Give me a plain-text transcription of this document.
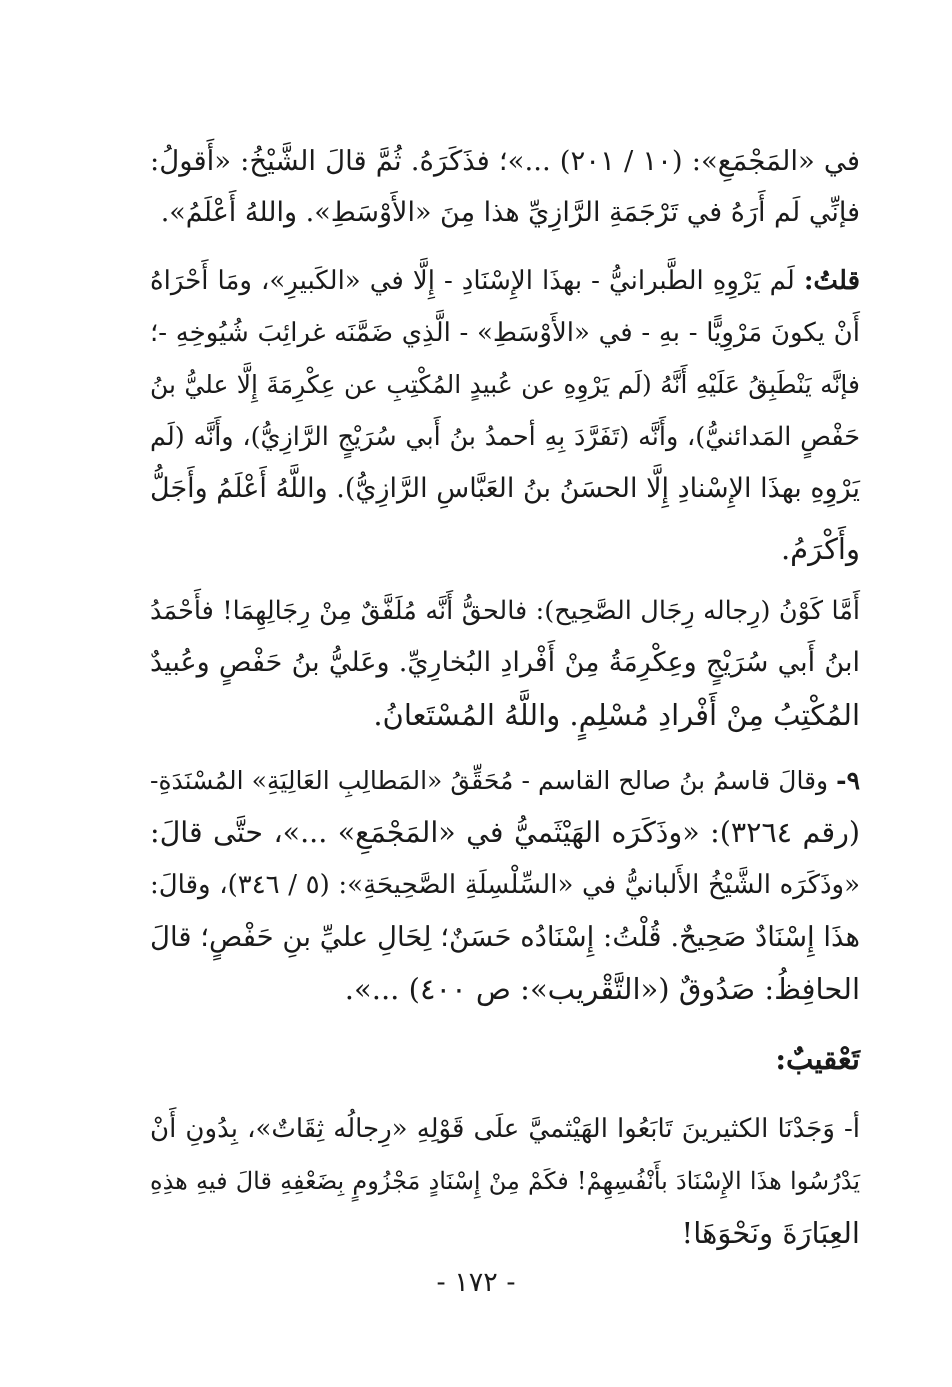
في «المَجْمَعِ»: (١٠ / ٢٠١) ...»؛ فذَكَرَهُ. ثُمَّ قالَ الشَّيْخُ: «أَقولُ:
فإنِّي لَم أَرَهُ في تَرْجَمَةِ الرَّازِيِّ هذا مِنَ «الأَوْسَطِ». واللهُ أَعْلَمُ».
قلتُ: لَم يَرْوِهِ الطَّبرانيُّ - بهذَا الإِسْنَادِ - إِلَّا في «الكَبيرِ»، ومَا أَحْرَاهُ
أَنْ يكونَ مَرْوِيًّا - بهِ - في «الأَوْسَطِ» - الَّذِي ضَمَّنَه غرائِبَ شُيُوخِهِ -؛
فإنَّه يَنْطَبِقُ عَلَيْهِ أَنَّهُ (لَم يَرْوِهِ عن عُبيدٍ المُكْتِبِ عن عِكْرِمَةَ إِلَّا عليُّ بنُ
حَفْصٍ المَدائنيُّ)، وأَنَّه (تَفَرَّدَ بِهِ أحمدُ بنُ أَبي سُرَيْجٍ الرَّازِيُّ)، وأَنَّه (لَم
يَرْوِهِ بهذَا الإِسْنادِ إِلَّا الحسَنُ بنُ العَبَّاسِ الرَّازِيُّ). واللَّهُ أَعْلَمُ وأَجَلُّ
وأَكْرَمُ.
أَمَّا كَوْنُ (رِجاله رِجَال الصَّحِيح): فالحقُّ أَنَّه مُلَفَّقٌ مِنْ رِجَالِهِمَا! فأَحْمَدُ
ابنُ أَبي سُرَيْجٍ وعِكْرِمَةُ مِنْ أَفْرادِ البُخارِيِّ. وعَليُّ بنُ حَفْصٍ وعُبيدٌ
المُكْتِبُ مِنْ أَفْرادِ مُسْلِمٍ. واللَّهُ المُسْتَعانُ.
٩- وقالَ قاسمُ بنُ صالح القاسم - مُحَقِّقُ «المَطالِبِ العَالِيَةِ» المُسْنَدَةِ-
(رقم ٣٢٦٤): «وذَكَرَه الهَيْثَميُّ في «المَجْمَعِ» ...»، حتَّى قالَ:
«وذَكَرَه الشَّيْخُ الأَلبانيُّ في «السِّلْسِلَةِ الصَّحِيحَةِ»: (٥ / ٣٤٦)، وقالَ:
هذَا إِسْنَادٌ صَحِيحٌ. قُلْتُ: إِسْنَادُه حَسَنٌ؛ لِحَالِ عليِّ بنِ حَفْصٍ؛ قالَ
الحافِظُ: صَدُوقٌ («التَّقْريب»: ص ٤٠٠) ...».
تَعْقيبٌ:
أ- وَجَدْنَا الكثيرينَ تَابَعُوا الهَيْثميَّ علَى قَوْلِهِ «رِجالُه ثِقَاتٌ»، بِدُونِ أَنْ
يَدْرُسُوا هذَا الإِسْنَادَ بأَنْفُسِهِمْ! فكَمْ مِنْ إِسْنَادٍ مَجْزُومٍ بِضَعْفِهِ قالَ فيهِ هذِهِ
العِبَارَةَ ونَحْوَهَا!
- ١٧٢ -
